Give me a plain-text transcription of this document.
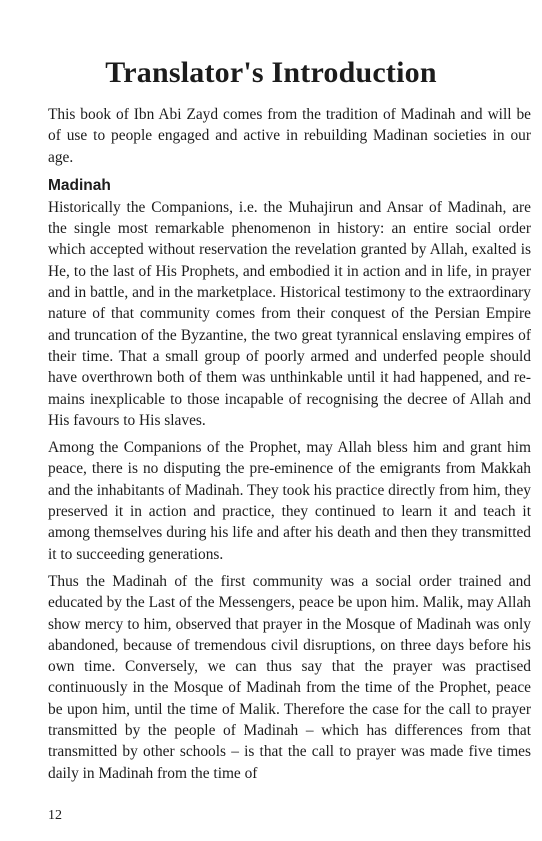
Translator's Introduction

This book of Ibn Abi Zayd comes from the tradition of Madinah and will be of use to people engaged and active in rebuilding Madinan societies in our age.

Madinah

Historically the Companions, i.e. the Muhajirun and Ansar of Madinah, are the single most remarkable phenomenon in history: an entire social order which accepted without reservation the revelation granted by Allah, exalted is He, to the last of His Prophets, and embodied it in action and in life, in prayer and in battle, and in the marketplace. Historical testimony to the extraordinary nature of that community comes from their conquest of the Persian Empire and truncation of the Byzantine, the two great tyrannical enslaving empires of their time. That a small group of poorly armed and underfed people should have overthrown both of them was unthinkable until it had happened, and remains inexplicable to those incapable of recognising the decree of Allah and His favours to His slaves.

Among the Companions of the Prophet, may Allah bless him and grant him peace, there is no disputing the pre-eminence of the emigrants from Makkah and the inhabitants of Madinah. They took his practice directly from him, they preserved it in action and practice, they continued to learn it and teach it among themselves during his life and after his death and then they transmitted it to succeeding generations.

Thus the Madinah of the first community was a social order trained and educated by the Last of the Messengers, peace be upon him. Malik, may Allah show mercy to him, observed that prayer in the Mosque of Madinah was only abandoned, because of tremendous civil disruptions, on three days before his own time. Conversely, we can thus say that the prayer was practised continuously in the Mosque of Madinah from the time of the Prophet, peace be upon him, until the time of Malik. Therefore the case for the call to prayer transmitted by the people of Madinah – which has differences from that transmitted by other schools – is that the call to prayer was made five times daily in Madinah from the time of

12
